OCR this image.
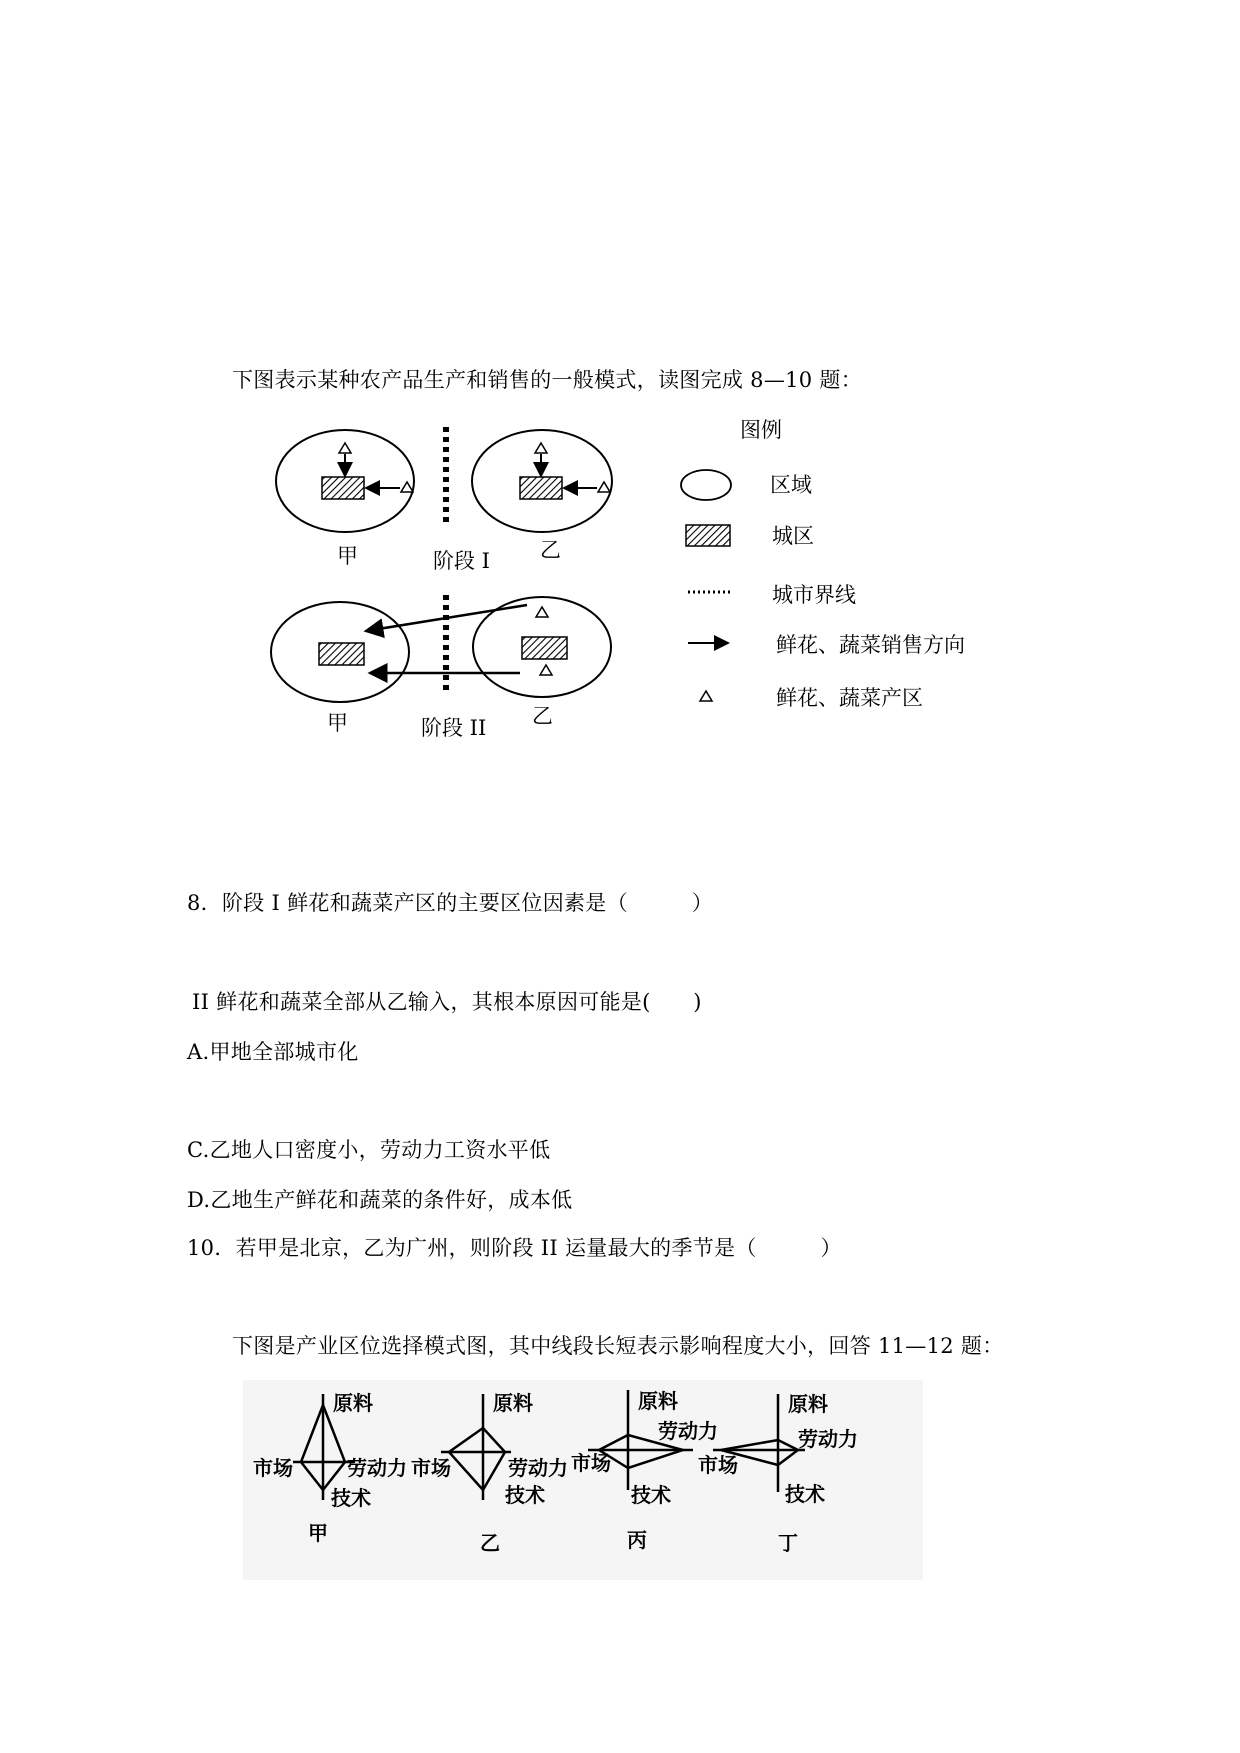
下图表示某种农产品生产和销售的一般模式，读图完成 8—10 题：
甲	阶段 I 乙
甲	阶段 II 乙
图例
区域
城区
城市界线
鲜花、蔬菜销售方向
鲜花、蔬菜产区
8．阶段 I 鲜花和蔬菜产区的主要区位因素是（　　　）
II 鲜花和蔬菜全部从乙输入，其根本原因可能是(　　)
A.甲地全部城市化
C.乙地人口密度小，劳动力工资水平低
D.乙地生产鲜花和蔬菜的条件好，成本低
10．若甲是北京，乙为广州，则阶段 II 运量最大的季节是（　　　）
下图是产业区位选择模式图，其中线段长短表示影响程度大小，回答 11—12 题：
原料
市场	劳动力
技术
甲
原料
市场	劳动力
技术
乙
原料
劳动力
市场
技术
丙
原料
劳动力
市场
技术
丁
